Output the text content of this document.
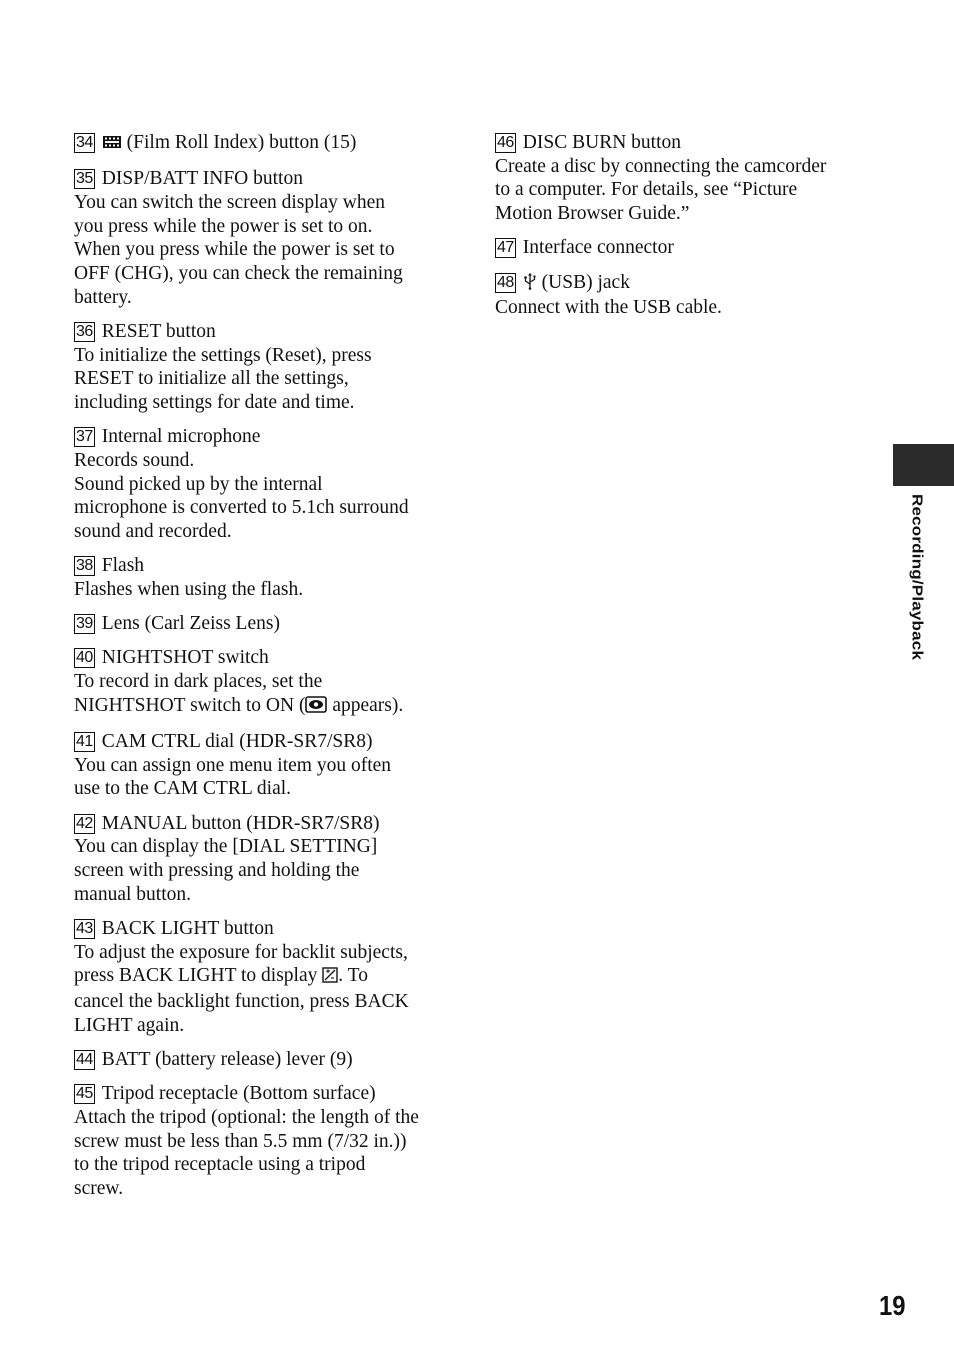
34 (Film Roll Index) button (15)
35 DISP/BATT INFO button
You can switch the screen display when
you press while the power is set to on.
When you press while the power is set to
OFF (CHG), you can check the remaining
battery.
36 RESET button
To initialize the settings (Reset), press
RESET to initialize all the settings,
including settings for date and time.
37 Internal microphone
Records sound.
Sound picked up by the internal
microphone is converted to 5.1ch surround
sound and recorded.
38 Flash
Flashes when using the flash.
39 Lens (Carl Zeiss Lens)
40 NIGHTSHOT switch
To record in dark places, set the
NIGHTSHOT switch to ON ( appears).
41 CAM CTRL dial (HDR-SR7/SR8)
You can assign one menu item you often
use to the CAM CTRL dial.
42 MANUAL button (HDR-SR7/SR8)
You can display the [DIAL SETTING]
screen with pressing and holding the
manual button.
43 BACK LIGHT button
To adjust the exposure for backlit subjects,
press BACK LIGHT to display . To
cancel the backlight function, press BACK
LIGHT again.
44 BATT (battery release) lever (9)
45 Tripod receptacle (Bottom surface)
Attach the tripod (optional: the length of the
screw must be less than 5.5 mm (7/32 in.))
to the tripod receptacle using a tripod
screw.
46 DISC BURN button
Create a disc by connecting the camcorder
to a computer. For details, see “Picture
Motion Browser Guide.”
47 Interface connector
48 (USB) jack
Connect with the USB cable.
Recording/Playback
19
